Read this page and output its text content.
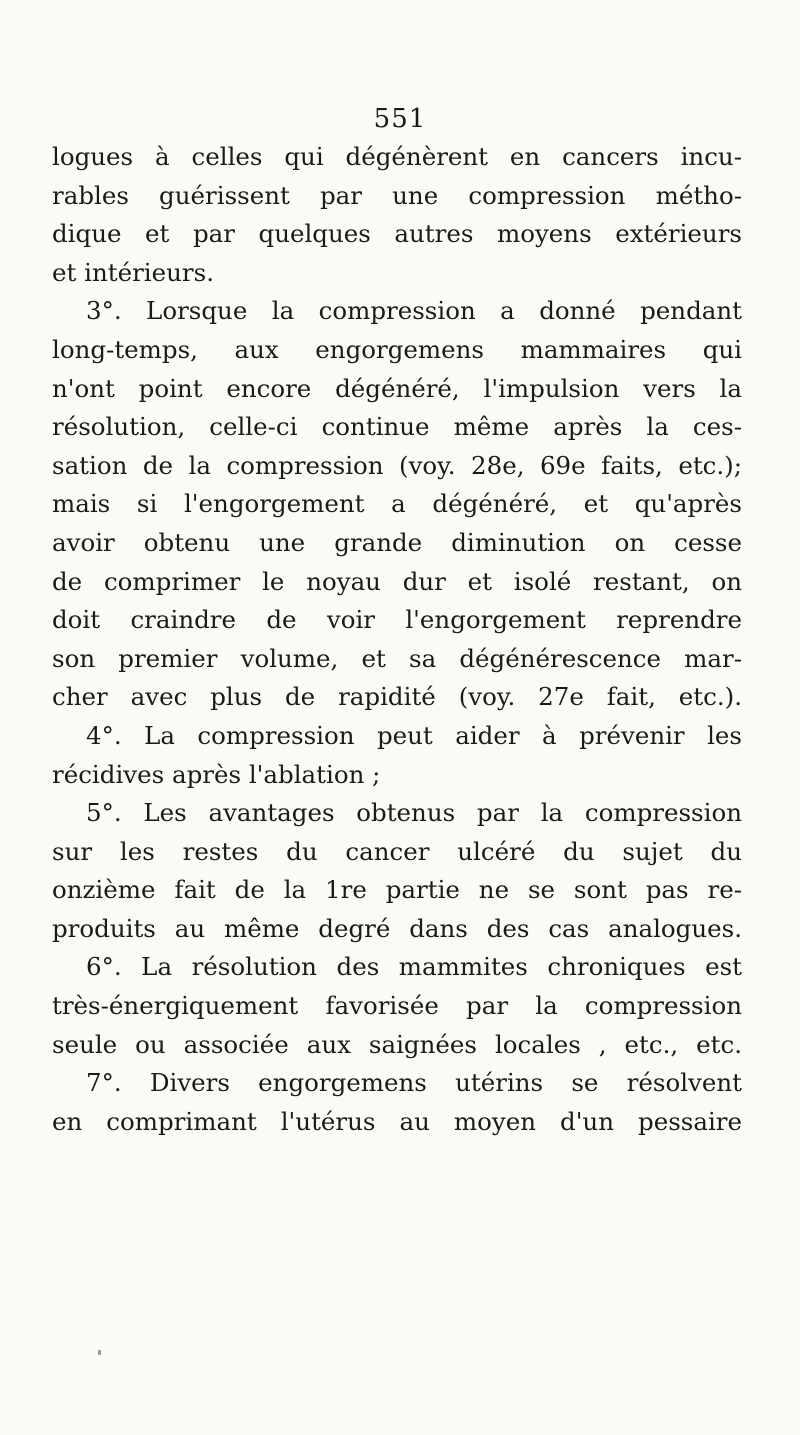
551
logues à celles qui dégénèrent en cancers incu-
rables guérissent par une compression métho-
dique et par quelques autres moyens extérieurs
et intérieurs.
3°. Lorsque la compression a donné pendant
long-temps, aux engorgemens mammaires qui
n'ont point encore dégénéré, l'impulsion vers la
résolution, celle-ci continue même après la ces-
sation de la compression (voy. 28e, 69e faits, etc.);
mais si l'engorgement a dégénéré, et qu'après
avoir obtenu une grande diminution on cesse
de comprimer le noyau dur et isolé restant, on
doit craindre de voir l'engorgement reprendre
son premier volume, et sa dégénérescence mar-
cher avec plus de rapidité (voy. 27e fait, etc.).
4°. La compression peut aider à prévenir les
récidives après l'ablation ;
5°. Les avantages obtenus par la compression
sur les restes du cancer ulcéré du sujet du
onzième fait de la 1re partie ne se sont pas re-
produits au même degré dans des cas analogues.
6°. La résolution des mammites chroniques est
très-énergiquement favorisée par la compression
seule ou associée aux saignées locales , etc., etc.
7°. Divers engorgemens utérins se résolvent
en comprimant l'utérus au moyen d'un pessaire
